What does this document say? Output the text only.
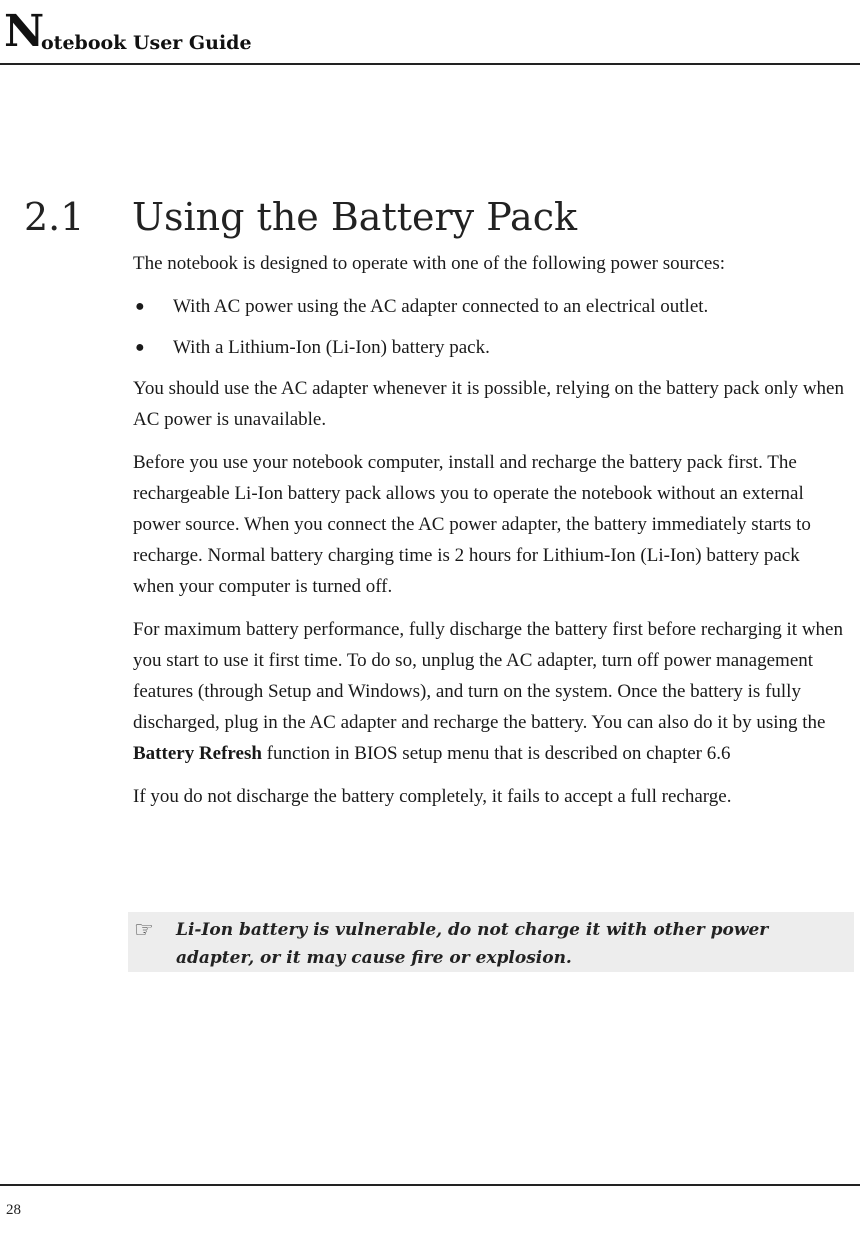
N
otebook User Guide
2.1 Using the Battery Pack

The notebook is designed to operate with one of the following power sources:

● With AC power using the AC adapter connected to an electrical outlet.
● With a Lithium-Ion (Li-Ion) battery pack.

You should use the AC adapter whenever it is possible, relying on the battery pack only when AC power is unavailable.

Before you use your notebook computer, install and recharge the battery pack first. The rechargeable Li-Ion battery pack allows you to operate the notebook without an external power source. When you connect the AC power adapter, the battery immediately starts to recharge. Normal battery charging time is 2 hours for Lithium-Ion (Li-Ion) battery pack when your computer is turned off.

For maximum battery performance, fully discharge the battery first before recharging it when you start to use it first time. To do so, unplug the AC adapter, turn off power management features (through Setup and Windows), and turn on the system. Once the battery is fully discharged, plug in the AC adapter and recharge the battery. You can also do it by using the Battery Refresh function in BIOS setup menu that is described on chapter 6.6

If you do not discharge the battery completely, it fails to accept a full recharge.

☞ Li-Ion battery is vulnerable, do not charge it with other power adapter, or it may cause fire or explosion.
28
